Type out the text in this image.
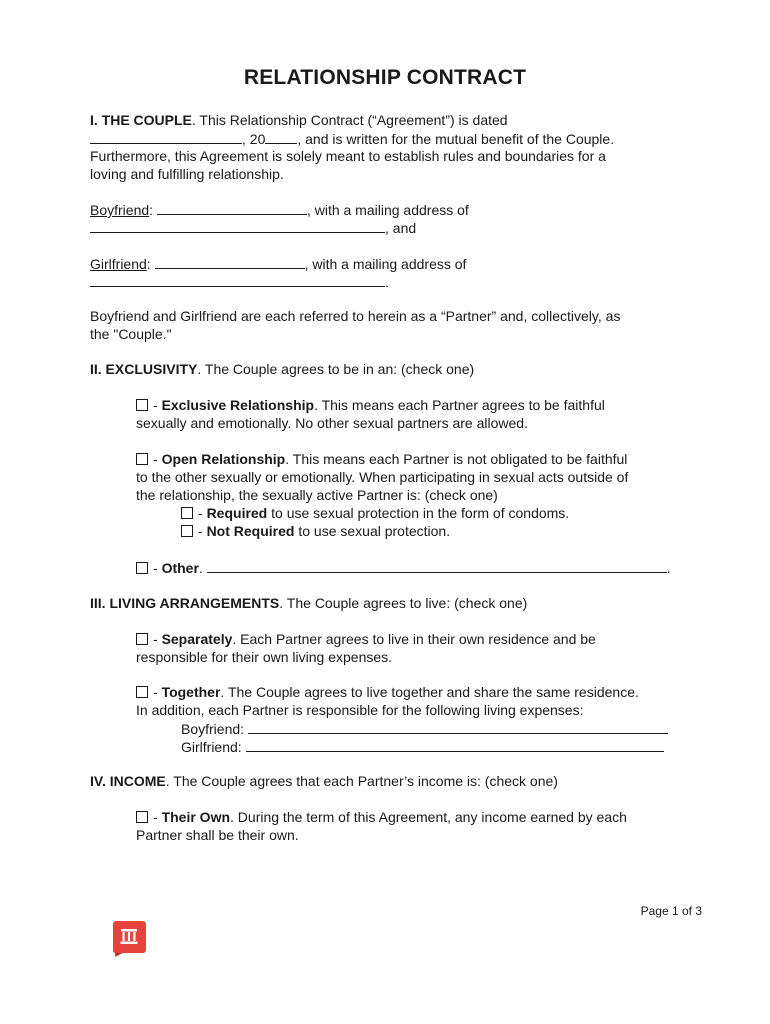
RELATIONSHIP CONTRACT
I. THE COUPLE. This Relationship Contract (“Agreement”) is dated
, 20 , and is written for the mutual benefit of the Couple.
Furthermore, this Agreement is solely meant to establish rules and boundaries for a
loving and fulfilling relationship.
Boyfriend:	, with a mailing address of
, and
Girlfriend:	, with a mailing address of
.
Boyfriend and Girlfriend are each referred to herein as a “Partner” and, collectively, as
the "Couple."
II. EXCLUSIVITY. The Couple agrees to be in an: (check one)
- Exclusive Relationship. This means each Partner agrees to be faithful
sexually and emotionally. No other sexual partners are allowed.
- Open Relationship. This means each Partner is not obligated to be faithful
to the other sexually or emotionally. When participating in sexual acts outside of
the relationship, the sexually active Partner is: (check one)
- Required to use sexual protection in the form of condoms.
- Not Required to use sexual protection.
- Other.	.
III. LIVING ARRANGEMENTS. The Couple agrees to live: (check one)
- Separately. Each Partner agrees to live in their own residence and be
responsible for their own living expenses.
- Together. The Couple agrees to live together and share the same residence.
In addition, each Partner is responsible for the following living expenses:
Boyfriend:
Girlfriend:
IV. INCOME. The Couple agrees that each Partner’s income is: (check one)
- Their Own. During the term of this Agreement, any income earned by each
Partner shall be their own.
Page 1 of 3
